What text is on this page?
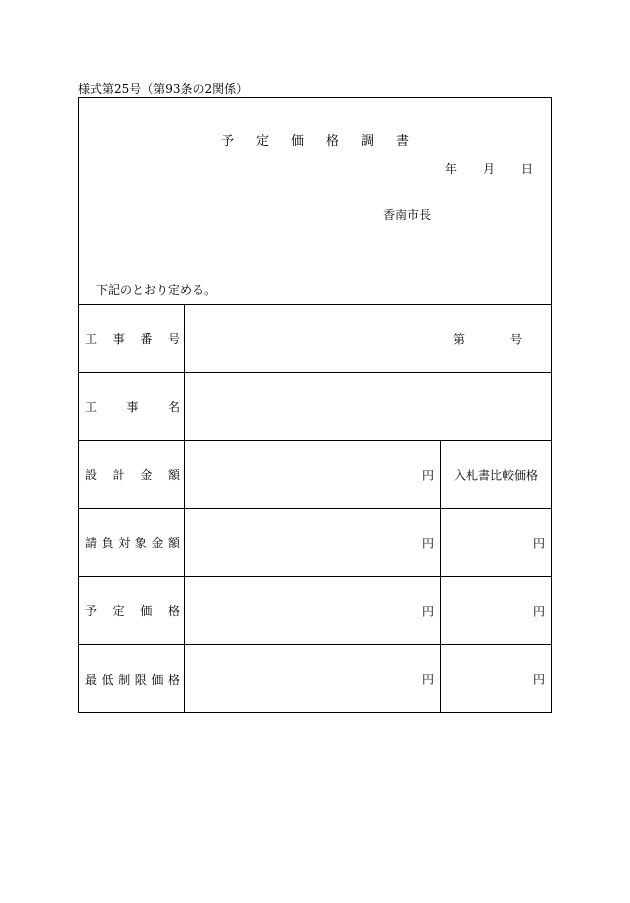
様式第25号（第93条の2関係）
予定価格調書
年 月 日
香南市長
下記のとおり定める。
工 事 番 号	第	号
工 事 名
設 計 金 額	円	入札書比較価格
請 負 対 象 金 額	円	円
予 定 価 格	円	円
最 低 制 限 価 格	円	円
